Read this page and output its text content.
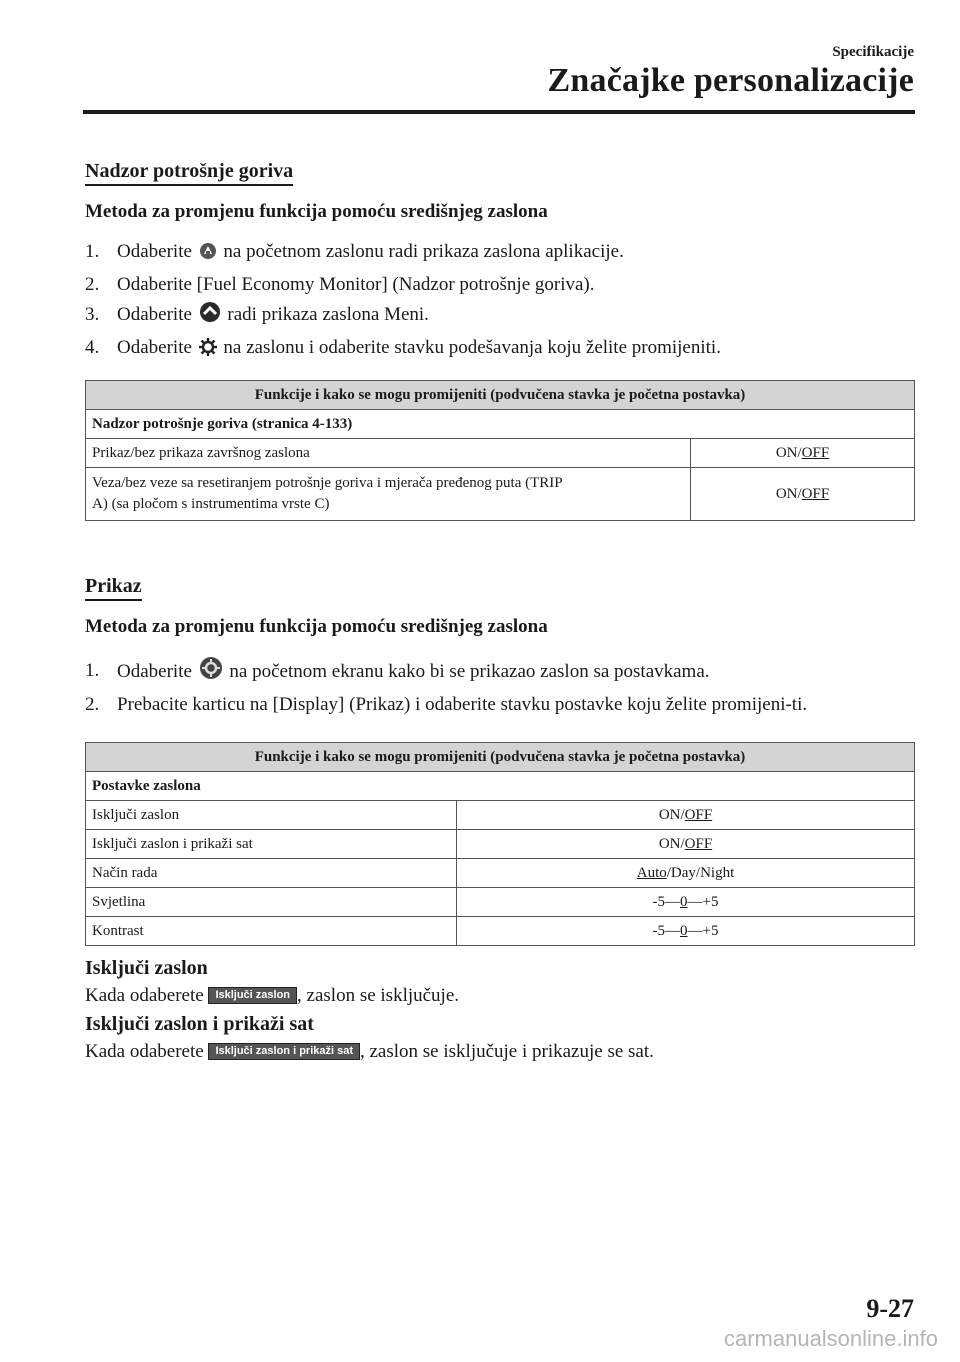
Specifikacije
Značajke personalizacije
Nadzor potrošnje goriva
Metoda za promjenu funkcija pomoću središnjeg zaslona
1. Odaberite na početnom zaslonu radi prikaza zaslona aplikacije.
2. Odaberite [Fuel Economy Monitor] (Nadzor potrošnje goriva).
3. Odaberite radi prikaza zaslona Meni.
4. Odaberite na zaslonu i odaberite stavku podešavanja koju želite promijeniti.
Funkcije i kako se mogu promijeniti (podvučena stavka je početna postavka)	
Nadzor potrošnje goriva (stranica 4-133)	
Prikaz/bez prikaza završnog zaslona	ON/OFF
Veza/bez veze sa resetiranjem potrošnje goriva i mjerača pređenog puta (TRIP
A) (sa pločom s instrumentima vrste C)	ON/OFF
Prikaz
Metoda za promjenu funkcija pomoću središnjeg zaslona
1. Odaberite na početnom ekranu kako bi se prikazao zaslon sa postavkama.
2. Prebacite karticu na [Display] (Prikaz) i odaberite stavku postavke koju želite promijeni-ti.
Funkcije i kako se mogu promijeniti (podvučena stavka je početna postavka)	
Postavke zaslona	
Isključi zaslon	ON/OFF
Isključi zaslon i prikaži sat	ON/OFF
Način rada	Auto/Day/Night
Svjetlina	-5—0—+5
Kontrast	-5—0—+5
Isključi zaslon
Kada odaberete Isključi zaslon , zaslon se isključuje.
Isključi zaslon i prikaži sat
Kada odaberete Isključi zaslon i prikaži sat , zaslon se isključuje i prikazuje se sat.
9-27
carmanualsonline.info
